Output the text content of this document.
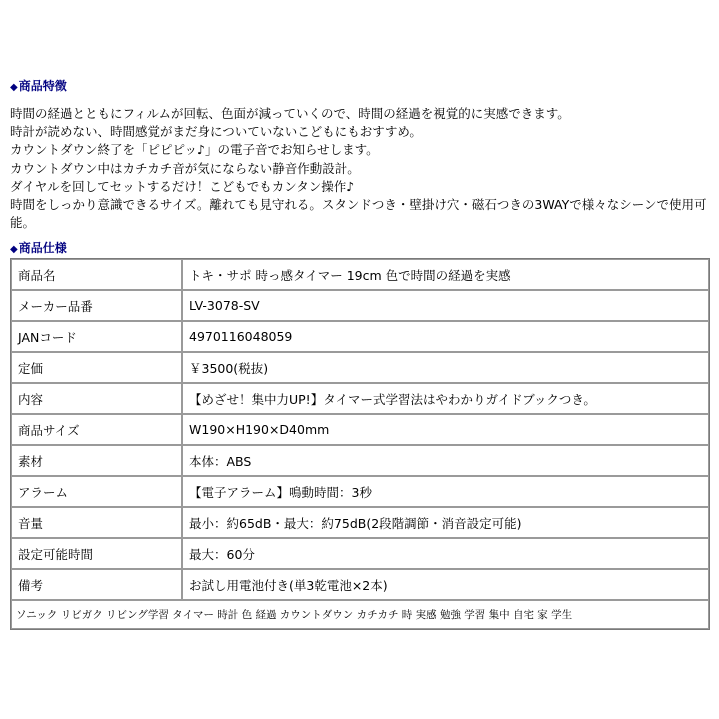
◆商品特徴
時間の経過とともにフィルムが回転、色面が減っていくので、時間の経過を視覚的に実感できます。
時計が読めない、時間感覚がまだ身についていないこどもにもおすすめ。
カウントダウン終了を「ピピピッ♪」の電子音でお知らせします。
カウントダウン中はカチカチ音が気にならない静音作動設計。
ダイヤルを回してセットするだけ！こどもでもカンタン操作♪
時間をしっかり意識できるサイズ。離れても見守れる。スタンドつき・壁掛け穴・磁石つきの3WAYで様々なシーンで使用可能。
◆商品仕様
商品名	トキ・サポ 時っ感タイマー 19cm 色で時間の経過を実感
メーカー品番	LV-3078-SV
JANコード	4970116048059
定価	￥3500(税抜)
内容	【めざせ！集中力UP!】タイマー式学習法はやわかりガイドブックつき。
商品サイズ	W190×H190×D40mm
素材	本体：ABS
アラーム	【電子アラーム】鳴動時間：3秒
音量	最小：約65dB・最大：約75dB(2段階調節・消音設定可能)
設定可能時間	最大：60分
備考	お試し用電池付き(単3乾電池×2本)
ソニック リビガク リビング学習 タイマー 時計 色 経過 カウントダウン カチカチ 時 実感 勉強 学習 集中 自宅 家 学生	
